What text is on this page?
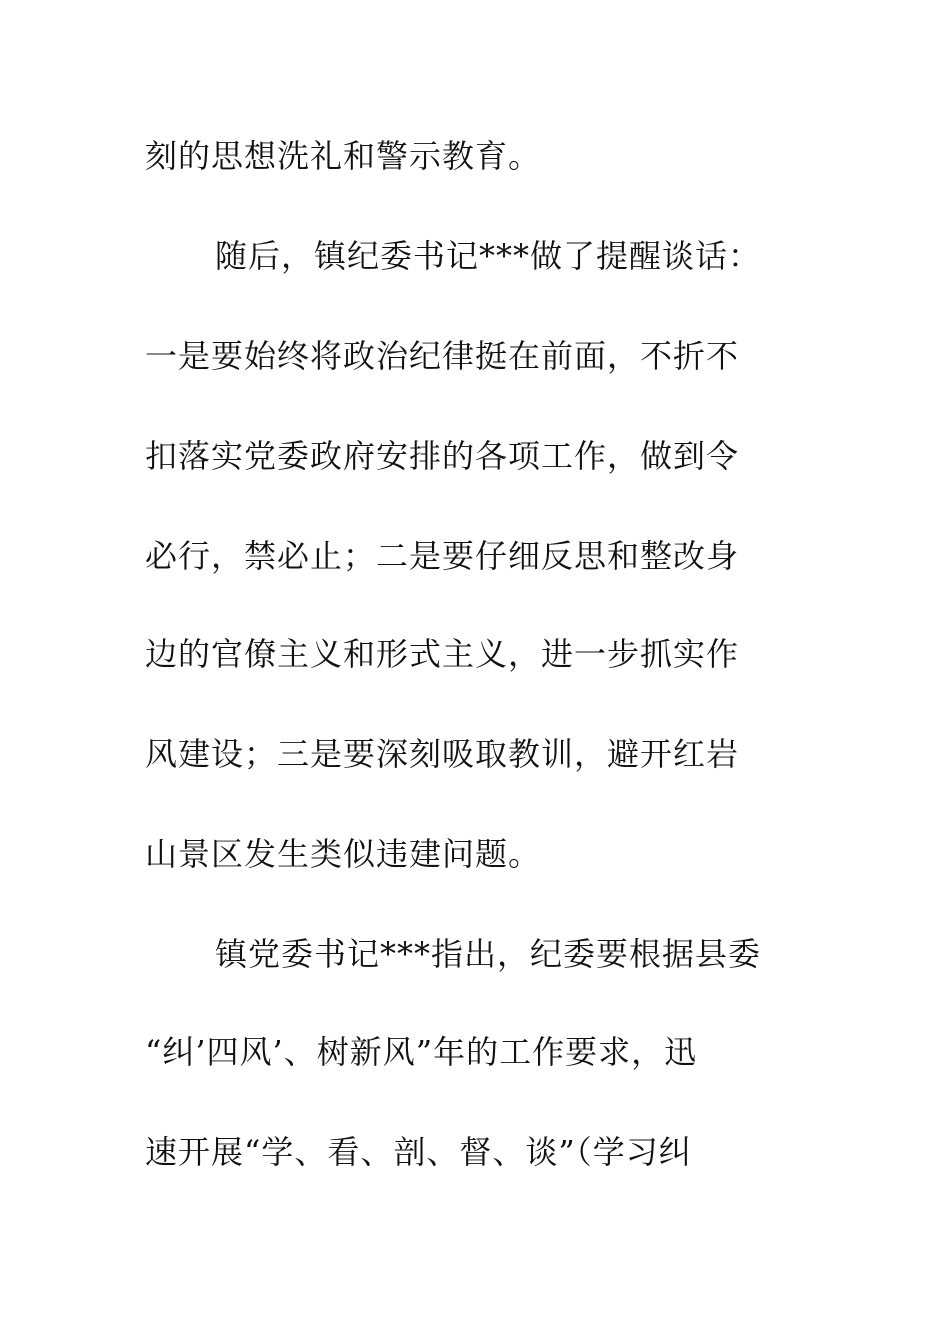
刻的思想洗礼和警示教育。
随后，镇纪委书记***做了提醒谈话：
一是要始终将政治纪律挺在前面，不折不
扣落实党委政府安排的各项工作，做到令
必行，禁必止；二是要仔细反思和整改身
边的官僚主义和形式主义，进一步抓实作
风建设；三是要深刻吸取教训，避开红岩
山景区发生类似违建问题。
镇党委书记***指出，纪委要根据县委
“纠’四风’、树新风”年的工作要求，迅
速开展“学、看、剖、督、谈”（学习纠
